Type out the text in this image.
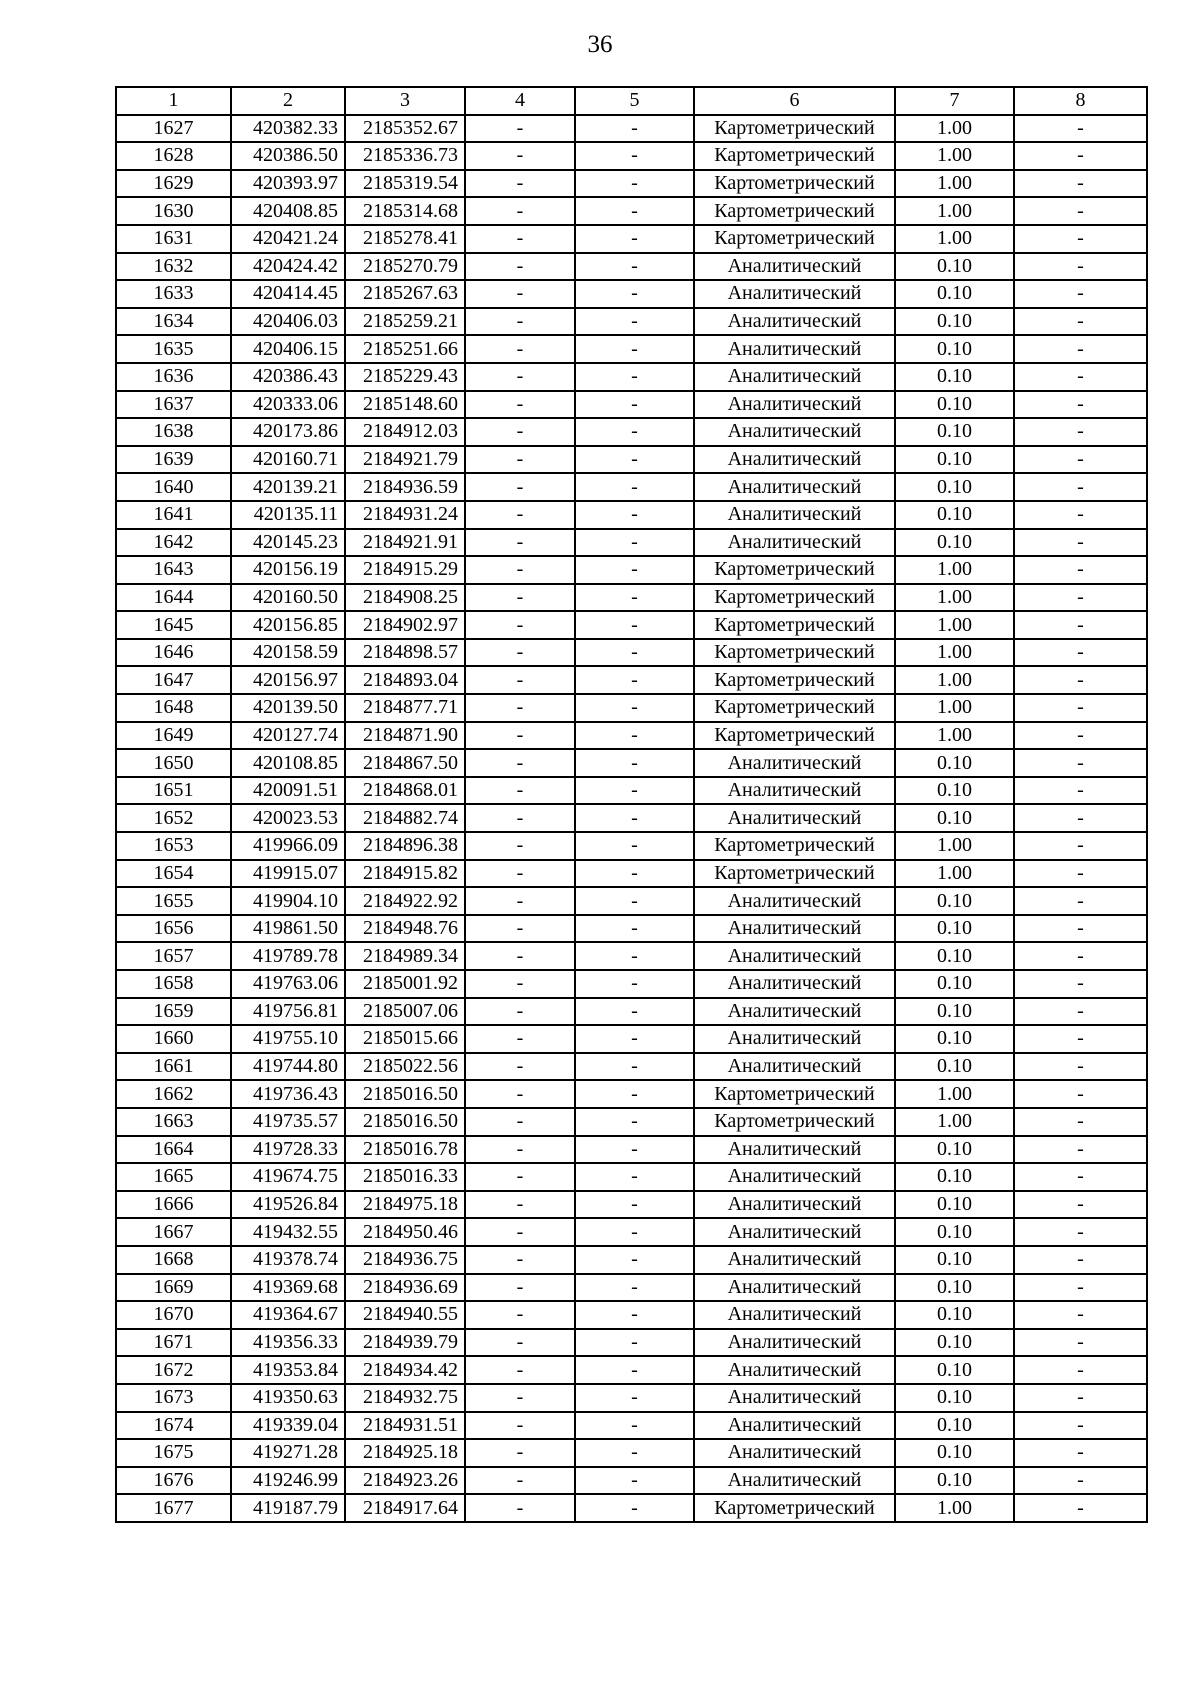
36
1	2	3	4	5	6	7	8
1627	420382.33	2185352.67	-	-	Картометрический	1.00	-
1628	420386.50	2185336.73	-	-	Картометрический	1.00	-
1629	420393.97	2185319.54	-	-	Картометрический	1.00	-
1630	420408.85	2185314.68	-	-	Картометрический	1.00	-
1631	420421.24	2185278.41	-	-	Картометрический	1.00	-
1632	420424.42	2185270.79	-	-	Аналитический	0.10	-
1633	420414.45	2185267.63	-	-	Аналитический	0.10	-
1634	420406.03	2185259.21	-	-	Аналитический	0.10	-
1635	420406.15	2185251.66	-	-	Аналитический	0.10	-
1636	420386.43	2185229.43	-	-	Аналитический	0.10	-
1637	420333.06	2185148.60	-	-	Аналитический	0.10	-
1638	420173.86	2184912.03	-	-	Аналитический	0.10	-
1639	420160.71	2184921.79	-	-	Аналитический	0.10	-
1640	420139.21	2184936.59	-	-	Аналитический	0.10	-
1641	420135.11	2184931.24	-	-	Аналитический	0.10	-
1642	420145.23	2184921.91	-	-	Аналитический	0.10	-
1643	420156.19	2184915.29	-	-	Картометрический	1.00	-
1644	420160.50	2184908.25	-	-	Картометрический	1.00	-
1645	420156.85	2184902.97	-	-	Картометрический	1.00	-
1646	420158.59	2184898.57	-	-	Картометрический	1.00	-
1647	420156.97	2184893.04	-	-	Картометрический	1.00	-
1648	420139.50	2184877.71	-	-	Картометрический	1.00	-
1649	420127.74	2184871.90	-	-	Картометрический	1.00	-
1650	420108.85	2184867.50	-	-	Аналитический	0.10	-
1651	420091.51	2184868.01	-	-	Аналитический	0.10	-
1652	420023.53	2184882.74	-	-	Аналитический	0.10	-
1653	419966.09	2184896.38	-	-	Картометрический	1.00	-
1654	419915.07	2184915.82	-	-	Картометрический	1.00	-
1655	419904.10	2184922.92	-	-	Аналитический	0.10	-
1656	419861.50	2184948.76	-	-	Аналитический	0.10	-
1657	419789.78	2184989.34	-	-	Аналитический	0.10	-
1658	419763.06	2185001.92	-	-	Аналитический	0.10	-
1659	419756.81	2185007.06	-	-	Аналитический	0.10	-
1660	419755.10	2185015.66	-	-	Аналитический	0.10	-
1661	419744.80	2185022.56	-	-	Аналитический	0.10	-
1662	419736.43	2185016.50	-	-	Картометрический	1.00	-
1663	419735.57	2185016.50	-	-	Картометрический	1.00	-
1664	419728.33	2185016.78	-	-	Аналитический	0.10	-
1665	419674.75	2185016.33	-	-	Аналитический	0.10	-
1666	419526.84	2184975.18	-	-	Аналитический	0.10	-
1667	419432.55	2184950.46	-	-	Аналитический	0.10	-
1668	419378.74	2184936.75	-	-	Аналитический	0.10	-
1669	419369.68	2184936.69	-	-	Аналитический	0.10	-
1670	419364.67	2184940.55	-	-	Аналитический	0.10	-
1671	419356.33	2184939.79	-	-	Аналитический	0.10	-
1672	419353.84	2184934.42	-	-	Аналитический	0.10	-
1673	419350.63	2184932.75	-	-	Аналитический	0.10	-
1674	419339.04	2184931.51	-	-	Аналитический	0.10	-
1675	419271.28	2184925.18	-	-	Аналитический	0.10	-
1676	419246.99	2184923.26	-	-	Аналитический	0.10	-
1677	419187.79	2184917.64	-	-	Картометрический	1.00	-
